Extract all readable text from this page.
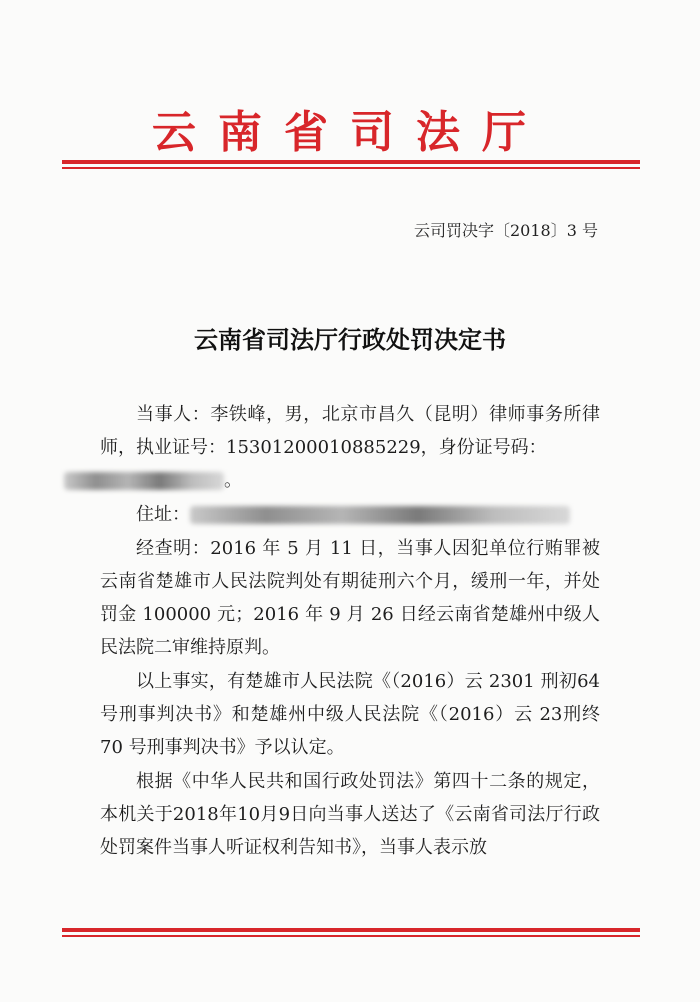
云南省司法厅
云司罚决字〔2018〕3 号
云南省司法厅行政处罚决定书

当事人：李铁峰，男，北京市昌久（昆明）律师事务所律师，执业证号：15301200010885229，身份证号码：
。

住址：

经查明：2016 年 5 月 11 日，当事人因犯单位行贿罪被云南省楚雄市人民法院判处有期徒刑六个月，缓刑一年，并处罚金 100000 元；2016 年 9 月 26 日经云南省楚雄州中级人民法院二审维持原判。

以上事实，有楚雄市人民法院《（2016）云 2301 刑初64 号刑事判决书》和楚雄州中级人民法院《（2016）云 23刑终 70 号刑事判决书》予以认定。

根据《中华人民共和国行政处罚法》第四十二条的规定，本机关于2018年10月9日向当事人送达了《云南省司法厅行政处罚案件当事人听证权利告知书》，当事人表示放
